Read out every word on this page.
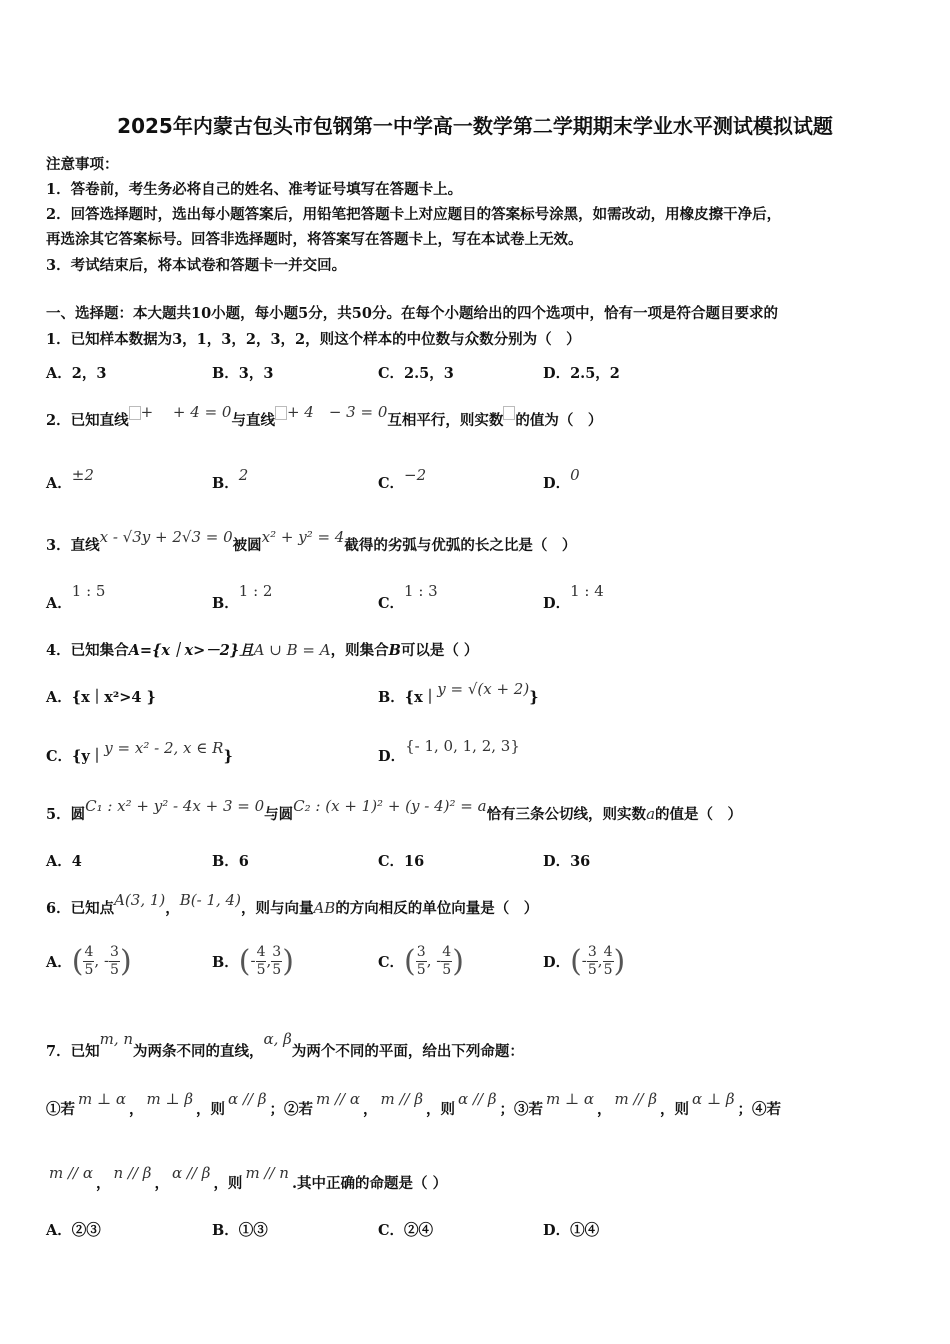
2025年内蒙古包头市包钢第一中学高一数学第二学期期末学业水平测试模拟试题
注意事项：
1．答卷前，考生务必将自己的姓名、准考证号填写在答题卡上。
2．回答选择题时，选出每小题答案后，用铅笔把答题卡上对应题目的答案标号涂黑，如需改动，用橡皮擦干净后，
再选涂其它答案标号。回答非选择题时，将答案写在答题卡上，写在本试卷上无效。
3．考试结束后，将本试卷和答题卡一并交回。
一、选择题：本大题共10小题，每小题5分，共50分。在每个小题给出的四个选项中，恰有一项是符合题目要求的
1．已知样本数据为3，1，3，2，3，2，则这个样本的中位数与众数分别为（　）
A．2，3	B．3，3	C．2.5，3	D．2.5，2
2．已知直线 + 　+ 4 = 0与直线 + 4　− 3 = 0互相平行，则实数 的值为（　）
A．±2	B．2	C．−2	D．0
3．直线x - √3y + 2√3 = 0被圆x² + y² = 4截得的劣弧与优弧的长之比是（　）
A．1 : 5
B．1 : 2
C．1 : 3
D．1 : 4
4．已知集合A={x｜x>－2}且A ∪ B = A，则集合B可以是（ ）
A．{x｜x²>4 }	B．{x｜y = √(x + 2)}
C．{y｜y = x² - 2, x ∈ R}	D．{- 1, 0, 1, 2, 3}
5．圆C₁ : x² + y² - 4x + 3 = 0与圆C₂ : (x + 1)² + (y - 4)² = a恰有三条公切线，则实数a的值是（　）
A．4	B．6	C．16	D．36
6．已知点A(3, 1)，B(- 1, 4)，则与向量AB的方向相反的单位向量是（　）
A．( $\frac{4}{5}$ , - $\frac{3}{5}$ )	B．(- $\frac{4}{5}$ , $\frac{3}{5}$ )	C．( $\frac{3}{5}$ , - $\frac{4}{5}$ )	D．(- $\frac{3}{5}$ , $\frac{4}{5}$ )
7．已知m, n为两条不同的直线，α, β为两个不同的平面，给出下列命题：
①若m ⊥ α，m ⊥ β，则α // β；②若m // α，m // β，则α // β；③若m ⊥ α，m // β，则α ⊥ β；④若
m // α，n // β，α // β，则m // n.其中正确的命题是（ ）
A．②③	B．①③	C．②④	D．①④
